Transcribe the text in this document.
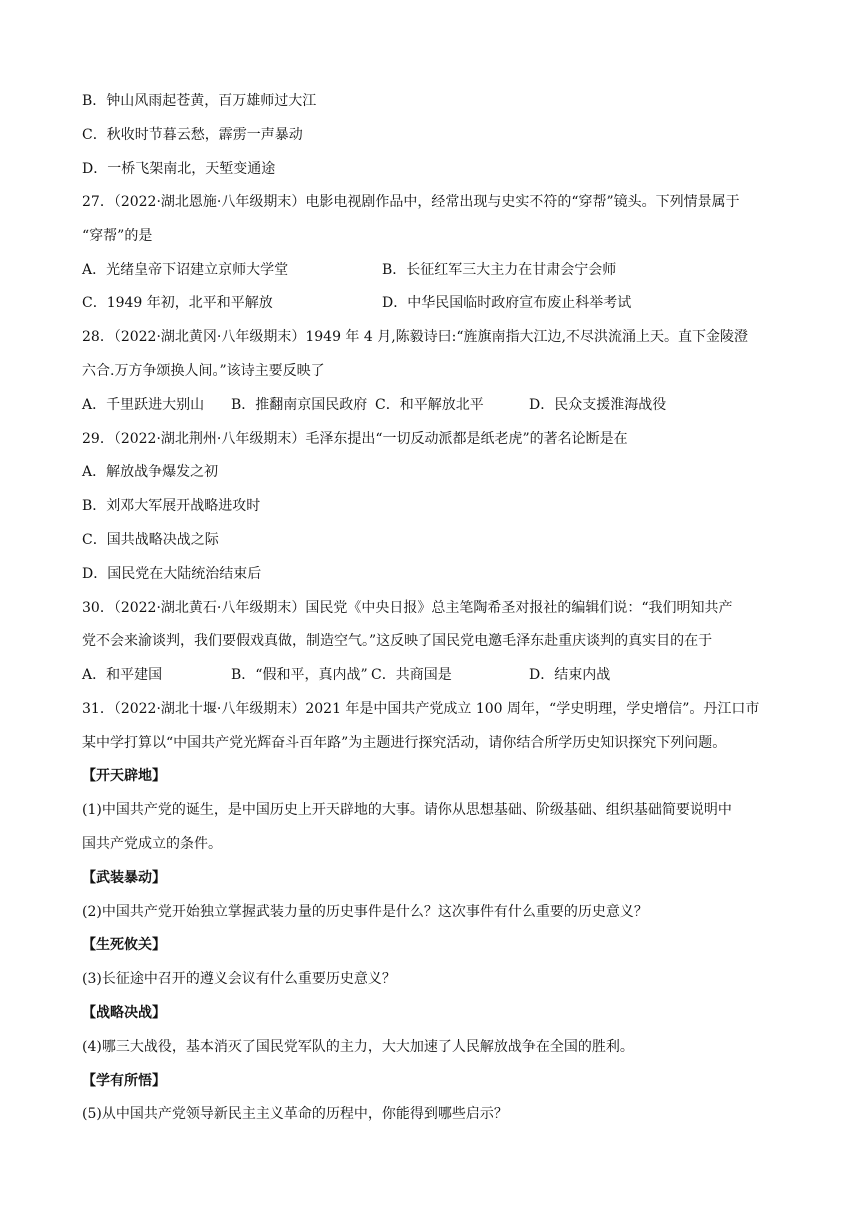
B．钟山风雨起苍黄，百万雄师过大江
C．秋收时节暮云愁，霹雳一声暴动
D．一桥飞架南北，天堑变通途
27．（2022·湖北恩施·八年级期末）电影电视剧作品中，经常出现与史实不符的“穿帮”镜头。下列情景属于
“穿帮”的是
A．光绪皇帝下诏建立京师大学堂	B．长征红军三大主力在甘肃会宁会师
C．1949 年初，北平和平解放	D．中华民国临时政府宣布废止科举考试
28．（2022·湖北黄冈·八年级期末）1949 年 4 月,陈毅诗曰:“旌旗南指大江边,不尽洪流涌上天。直下金陵澄
六合.万方争颂换人间。”该诗主要反映了
A．千里跃进大别山 B．推翻南京国民政府 C．和平解放北平	D．民众支援淮海战役
29．（2022·湖北荆州·八年级期末）毛泽东提出“一切反动派都是纸老虎”的著名论断是在
A．解放战争爆发之初
B．刘邓大军展开战略进攻时
C．国共战略决战之际
D．国民党在大陆统治结束后
30．（2022·湖北黄石·八年级期末）国民党《中央日报》总主笔陶希圣对报社的编辑们说：“我们明知共产
党不会来渝谈判，我们要假戏真做，制造空气。”这反映了国民党电邀毛泽东赴重庆谈判的真实目的在于
A．和平建国	B．“假和平，真内战” C．共商国是	D．结束内战
31．（2022·湖北十堰·八年级期末）2021 年是中国共产党成立 100 周年，“学史明理，学史增信”。丹江口市
某中学打算以“中国共产党光辉奋斗百年路”为主题进行探究活动，请你结合所学历史知识探究下列问题。
【开天辟地】
(1)中国共产党的诞生，是中国历史上开天辟地的大事。请你从思想基础、阶级基础、组织基础简要说明中
国共产党成立的条件。
【武装暴动】
(2)中国共产党开始独立掌握武装力量的历史事件是什么？这次事件有什么重要的历史意义？
【生死攸关】
(3)长征途中召开的遵义会议有什么重要历史意义？
【战略决战】
(4)哪三大战役，基本消灭了国民党军队的主力，大大加速了人民解放战争在全国的胜利。
【学有所悟】
(5)从中国共产党领导新民主主义革命的历程中，你能得到哪些启示？
